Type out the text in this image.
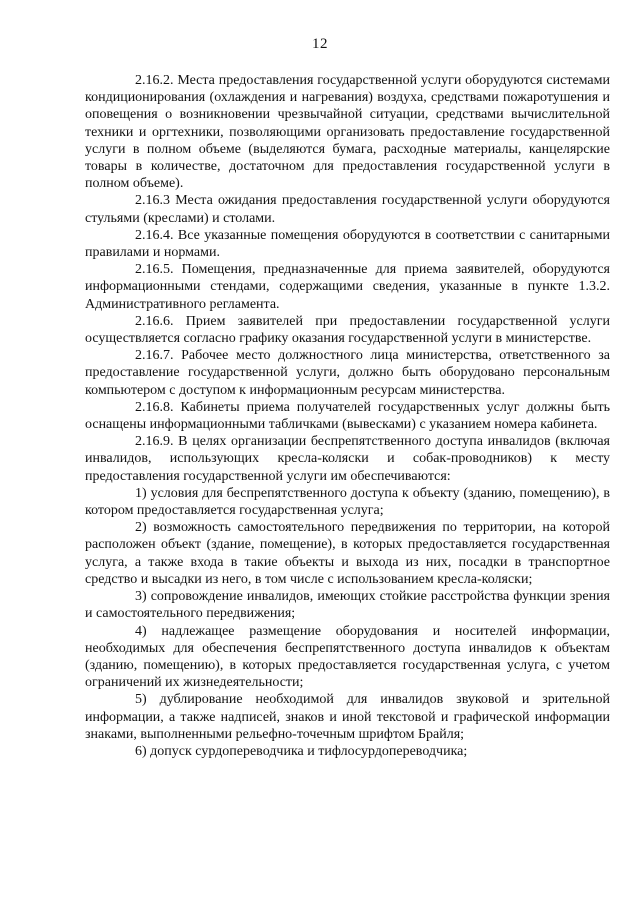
12

2.16.2. Места предоставления государственной услуги оборудуются системами кондиционирования (охлаждения и нагревания) воздуха, средствами пожаротушения и оповещения о возникновении чрезвычайной ситуации, средствами вычислительной техники и оргтехники, позволяющими организовать предоставление государственной услуги в полном объеме (выделяются бумага, расходные материалы, канцелярские товары в количестве, достаточном для предоставления государственной услуги в полном объеме).

2.16.3 Места ожидания предоставления государственной услуги оборудуются стульями (креслами) и столами.

2.16.4. Все указанные помещения оборудуются в соответствии с санитарными правилами и нормами.

2.16.5. Помещения, предназначенные для приема заявителей, оборудуются информационными стендами, содержащими сведения, указанные в пункте 1.3.2. Административного регламента.

2.16.6. Прием заявителей при предоставлении государственной услуги осуществляется согласно графику оказания государственной услуги в министерстве.

2.16.7. Рабочее место должностного лица министерства, ответственного за предоставление государственной услуги, должно быть оборудовано персональным компьютером с доступом к информационным ресурсам министерства.

2.16.8. Кабинеты приема получателей государственных услуг должны быть оснащены информационными табличками (вывесками) с указанием номера кабинета.

2.16.9. В целях организации беспрепятственного доступа инвалидов (включая инвалидов, использующих кресла-коляски и собак-проводников) к месту предоставления государственной услуги им обеспечиваются:

1) условия для беспрепятственного доступа к объекту (зданию, помещению), в котором предоставляется государственная услуга;

2) возможность самостоятельного передвижения по территории, на которой расположен объект (здание, помещение), в которых предоставляется государственная услуга, а также входа в такие объекты и выхода из них, посадки в транспортное средство и высадки из него, в том числе с использованием кресла-коляски;

3) сопровождение инвалидов, имеющих стойкие расстройства функции зрения и самостоятельного передвижения;

4) надлежащее размещение оборудования и носителей информации, необходимых для обеспечения беспрепятственного доступа инвалидов к объектам (зданию, помещению), в которых предоставляется государственная услуга, с учетом ограничений их жизнедеятельности;

5) дублирование необходимой для инвалидов звуковой и зрительной информации, а также надписей, знаков и иной текстовой и графической информации знаками, выполненными рельефно-точечным шрифтом Брайля;

6) допуск сурдопереводчика и тифлосурдопереводчика;
